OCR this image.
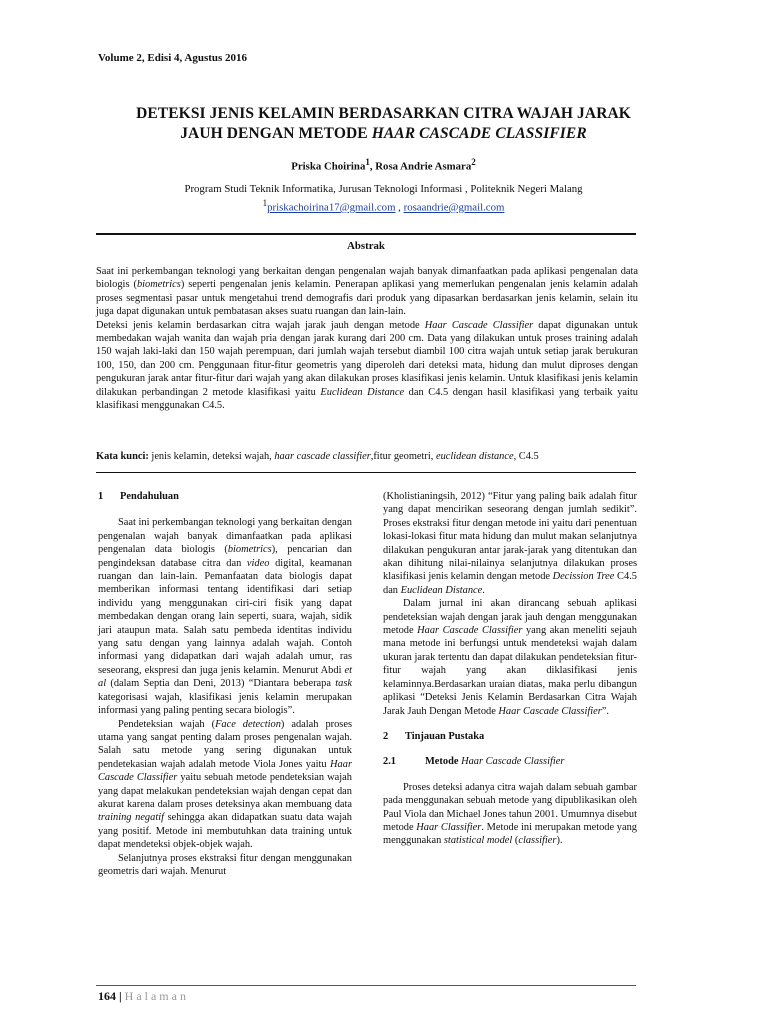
Volume 2, Edisi 4, Agustus 2016
DETEKSI JENIS KELAMIN BERDASARKAN CITRA WAJAH JARAK
JAUH DENGAN METODE HAAR CASCADE CLASSIFIER
Priska Choirina$^1$, Rosa Andrie Asmara$^2$
Program Studi Teknik Informatika, Jurusan Teknologi Informasi , Politeknik Negeri Malang
$^1$priskachoirina17@gmail.com , rosaandrie@gmail.com
Abstrak

Saat ini perkembangan teknologi yang berkaitan dengan pengenalan wajah banyak dimanfaatkan pada aplikasi pengenalan data biologis (biometrics) seperti pengenalan jenis kelamin. Penerapan aplikasi yang memerlukan pengenalan jenis kelamin adalah proses segmentasi pasar untuk mengetahui trend demografis dari produk yang dipasarkan berdasarkan jenis kelamin, selain itu juga dapat digunakan untuk pembatasan akses suatu ruangan dan lain-lain.

Deteksi jenis kelamin berdasarkan citra wajah jarak jauh dengan metode Haar Cascade Classifier dapat digunakan untuk membedakan wajah wanita dan wajah pria dengan jarak kurang dari 200 cm. Data yang dilakukan untuk proses training adalah 150 wajah laki-laki dan 150 wajah perempuan, dari jumlah wajah tersebut diambil 100 citra wajah untuk setiap jarak berukuran 100, 150, dan 200 cm. Penggunaan fitur-fitur geometris yang diperoleh dari deteksi mata, hidung dan mulut diproses dengan pengukuran jarak antar fitur-fitur dari wajah yang akan dilakukan proses klasifikasi jenis kelamin. Untuk klasifikasi jenis kelamin dilakukan perbandingan 2 metode klasifikasi yaitu Euclidean Distance dan C4.5 dengan hasil klasifikasi yang terbaik yaitu klasifikasi menggunakan C4.5.

Kata kunci: jenis kelamin, deteksi wajah, haar cascade classifier,fitur geometri, euclidean distance, C4.5

1 Pendahuluan

Saat ini perkembangan teknologi yang berkaitan dengan pengenalan wajah banyak dimanfaatkan pada aplikasi pengenalan data biologis (biometrics), pencarian dan pengindeksan database citra dan video digital, keamanan ruangan dan lain-lain. Pemanfaatan data biologis dapat memberikan informasi tentang identifikasi dari setiap individu yang menggunakan ciri-ciri fisik yang dapat membedakan dengan orang lain seperti, suara, wajah, sidik jari ataupun mata. Salah satu pembeda identitas individu yang satu dengan yang lainnya adalah wajah. Contoh informasi yang didapatkan dari wajah adalah umur, ras seseorang, ekspresi dan juga jenis kelamin. Menurut Abdi et al (dalam Septia dan Deni, 2013) “Diantara beberapa task kategorisasi wajah, klasifikasi jenis kelamin merupakan informasi yang paling penting secara biologis”.

Pendeteksian wajah (Face detection) adalah proses utama yang sangat penting dalam proses pengenalan wajah. Salah satu metode yang sering digunakan untuk pendetekasian wajah adalah metode Viola Jones yaitu Haar Cascade Classifier yaitu sebuah metode pendeteksian wajah yang dapat melakukan pendeteksian wajah dengan cepat dan akurat karena dalam proses deteksinya akan membuang data training negatif sehingga akan didapatkan suatu data wajah yang positif. Metode ini membutuhkan data training untuk dapat mendeteksi objek-objek wajah.

Selanjutnya proses ekstraksi fitur dengan menggunakan geometris dari wajah. Menurut

(Kholistianingsih, 2012) “Fitur yang paling baik adalah fitur yang dapat mencirikan seseorang dengan jumlah sedikit”. Proses ekstraksi fitur dengan metode ini yaitu dari penentuan lokasi-lokasi fitur mata hidung dan mulut makan selanjutnya dilakukan pengukuran antar jarak-jarak yang ditentukan dan akan dihitung nilai-nilainya selanjutnya dilakukan proses klasifikasi jenis kelamin dengan metode Decission Tree C4.5 dan Euclidean Distance.

Dalam jurnal ini akan dirancang sebuah aplikasi pendeteksian wajah dengan jarak jauh dengan menggunakan metode Haar Cascade Classifier yang akan meneliti sejauh mana metode ini berfungsi untuk mendeteksi wajah dalam ukuran jarak tertentu dan dapat dilakukan pendeteksian fitur-fitur wajah yang akan diklasifikasi jenis kelaminnya.Berdasarkan uraian diatas, maka perlu dibangun aplikasi “Deteksi Jenis Kelamin Berdasarkan Citra Wajah Jarak Jauh Dengan Metode Haar Cascade Classifier”.

2 Tinjauan Pustaka

2.1	Metode Haar Cascade Classifier

Proses deteksi adanya citra wajah dalam sebuah gambar pada menggunakan sebuah metode yang dipublikasikan oleh Paul Viola dan Michael Jones tahun 2001. Umumnya disebut metode Haar Classifier. Metode ini merupakan metode yang menggunakan statistical model (classifier).

164 | Halaman
